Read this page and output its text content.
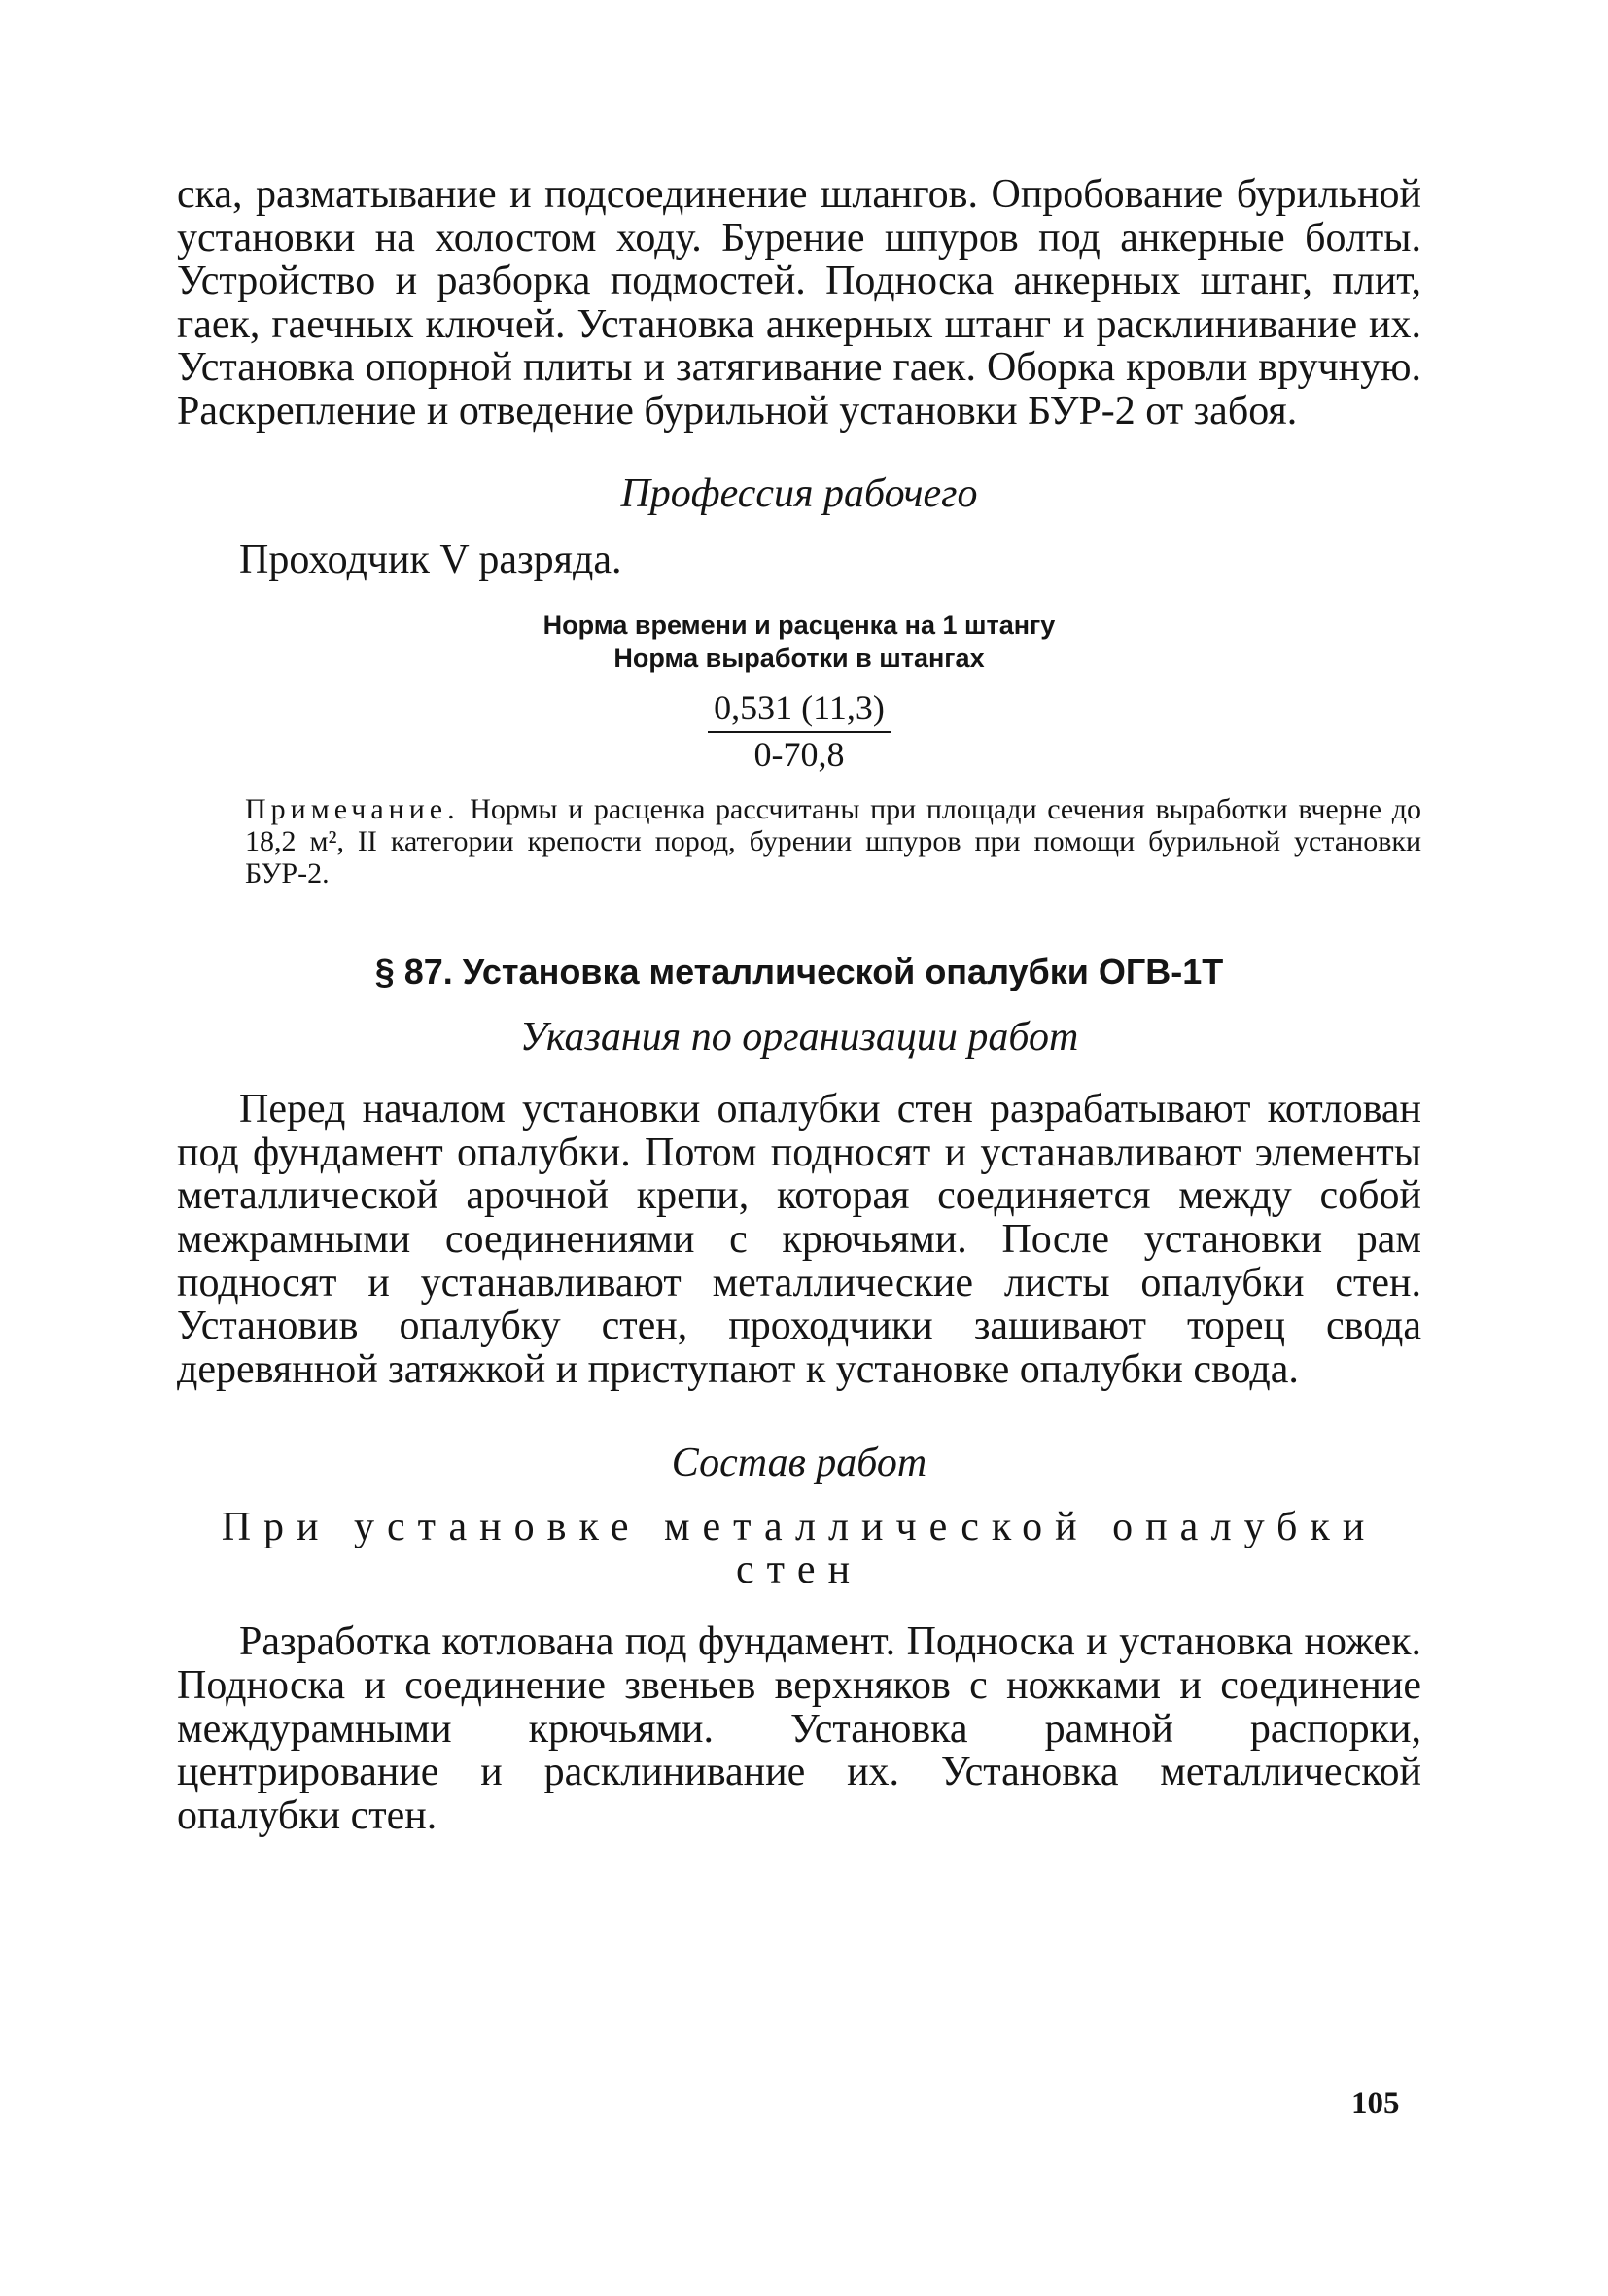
ска, разматывание и подсоединение шлангов. Опробование бурильной установки на холостом ходу. Бурение шпуров под анкерные болты. Устройство и разборка подмостей. Подноска анкерных штанг, плит, гаек, гаечных ключей. Установка анкерных штанг и расклинивание их. Установка опорной плиты и затягивание гаек. Оборка кровли вручную. Раскрепление и отведение бурильной установки БУР-2 от забоя.

Профессия рабочего

Проходчик V разряда.

Норма времени и расценка на 1 штангу

Норма выработки в штангах

0,531 (11,3)
0-70,8

Примечание. Нормы и расценка рассчитаны при площади сечения выработки вчерне до 18,2 м², II категории крепости пород, бурении шпуров при помощи бурильной установки БУР-2.

§ 87. Установка металлической опалубки ОГВ-1Т

Указания по организации работ

Перед началом установки опалубки стен разрабатывают котлован под фундамент опалубки. Потом подносят и устанавливают элементы металлической арочной крепи, которая соединяется между собой межрамными соединениями с крючьями. После установки рам подносят и устанавливают металлические листы опалубки стен. Установив опалубку стен, проходчики зашивают торец свода деревянной затяжкой и приступают к установке опалубки свода.

Состав работ

При установке металлической опалубки

стен

Разработка котлована под фундамент. Подноска и установка ножек. Подноска и соединение звеньев верхняков с ножками и соединение междурамными крючьями. Установка рамной распорки, центрирование и расклинивание их. Установка металлической опалубки стен.

105
